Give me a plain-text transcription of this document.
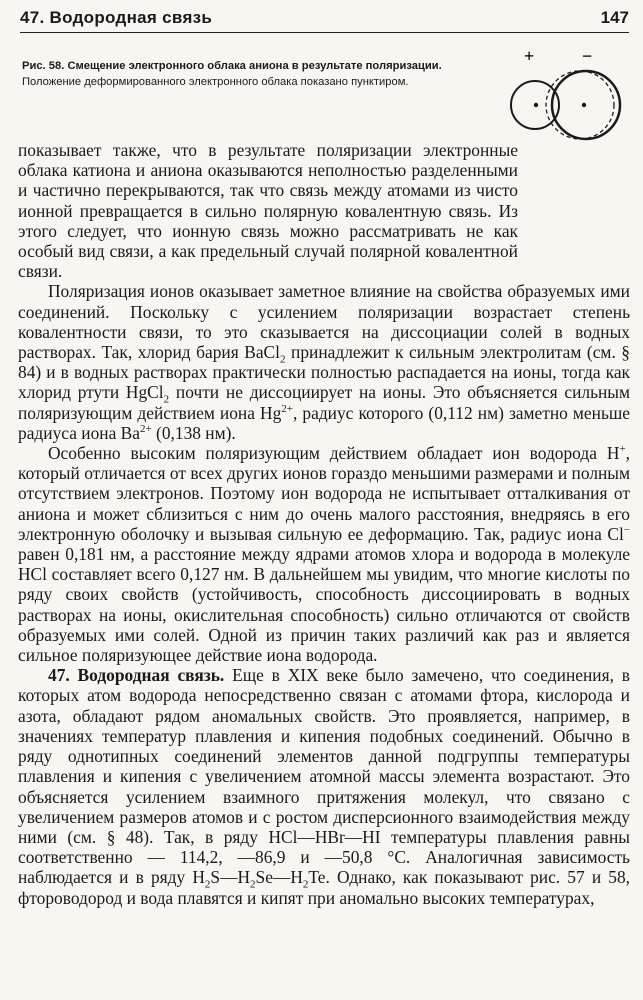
47. Водородная связь	147
Рис. 58. Смещение электронного облака аниона в результате поляризации.
Положение деформированного электронного облака показано пунктиром.
+	−

показывает также, что в результате поляризации электронные облака катиона и аниона оказываются неполностью разделенными и частично перекрываются, так что связь между атомами из чисто ионной превращается в сильно полярную ковалентную связь. Из этого следует, что ионную связь можно рассматривать не как особый вид связи, а как предельный случай полярной ковалентной связи.

Поляризация ионов оказывает заметное влияние на свойства образуемых ими соединений. Поскольку с усилением поляризации возрастает степень ковалентности связи, то это сказывается на диссоциации солей в водных растворах. Так, хлорид бария BaCl$_2$ принадлежит к сильным электролитам (см. § 84) и в водных растворах практически полностью распадается на ионы, тогда как хлорид ртути HgCl$_2$ почти не диссоциирует на ионы. Это объясняется сильным поляризующим действием иона $Hg^{2+}$, радиус которого (0,112 нм) заметно меньше радиуса иона $Ba^{2+}$ (0,138 нм).

Особенно высоким поляризующим действием обладает ион водорода H+, который отличается от всех других ионов гораздо меньшими размерами и полным отсутствием электронов. Поэтому ион водорода не испытывает отталкивания от аниона и может сблизиться с ним до очень малого расстояния, внедряясь в его электронную оболочку и вызывая сильную ее деформацию. Так, радиус иона Cl− равен 0,181 нм, а расстояние между ядрами атомов хлора и водорода в молекуле HCl составляет всего 0,127 нм. В дальнейшем мы увидим, что многие кислоты по ряду своих свойств (устойчивость, способность диссоциировать в водных растворах на ионы, окислительная способность) сильно отличаются от свойств образуемых ими солей. Одной из причин таких различий как раз и является сильное поляризующее действие иона водорода.

47. Водородная связь. Еще в XIX веке было замечено, что соединения, в которых атом водорода непосредственно связан с атомами фтора, кислорода и азота, обладают рядом аномальных свойств. Это проявляется, например, в значениях температур плавления и кипения подобных соединений. Обычно в ряду однотипных соединений элементов данной подгруппы температуры плавления и кипения с увеличением атомной массы элемента возрастают. Это объясняется усилением взаимного притяжения молекул, что связано с увеличением размеров атомов и с ростом дисперсионного взаимодействия между ними (см. § 48). Так, в ряду HCl—HBr—HI температуры плавления равны соответственно — 114,2, —86,9 и —50,8 °C. Аналогичная зависимость наблюдается и в ряду $H_2S—H_2Se—H_2Te$. Однако, как показывают рис. 57 и 58, фтороводород и вода плавятся и кипят при аномально высоких температурах,
